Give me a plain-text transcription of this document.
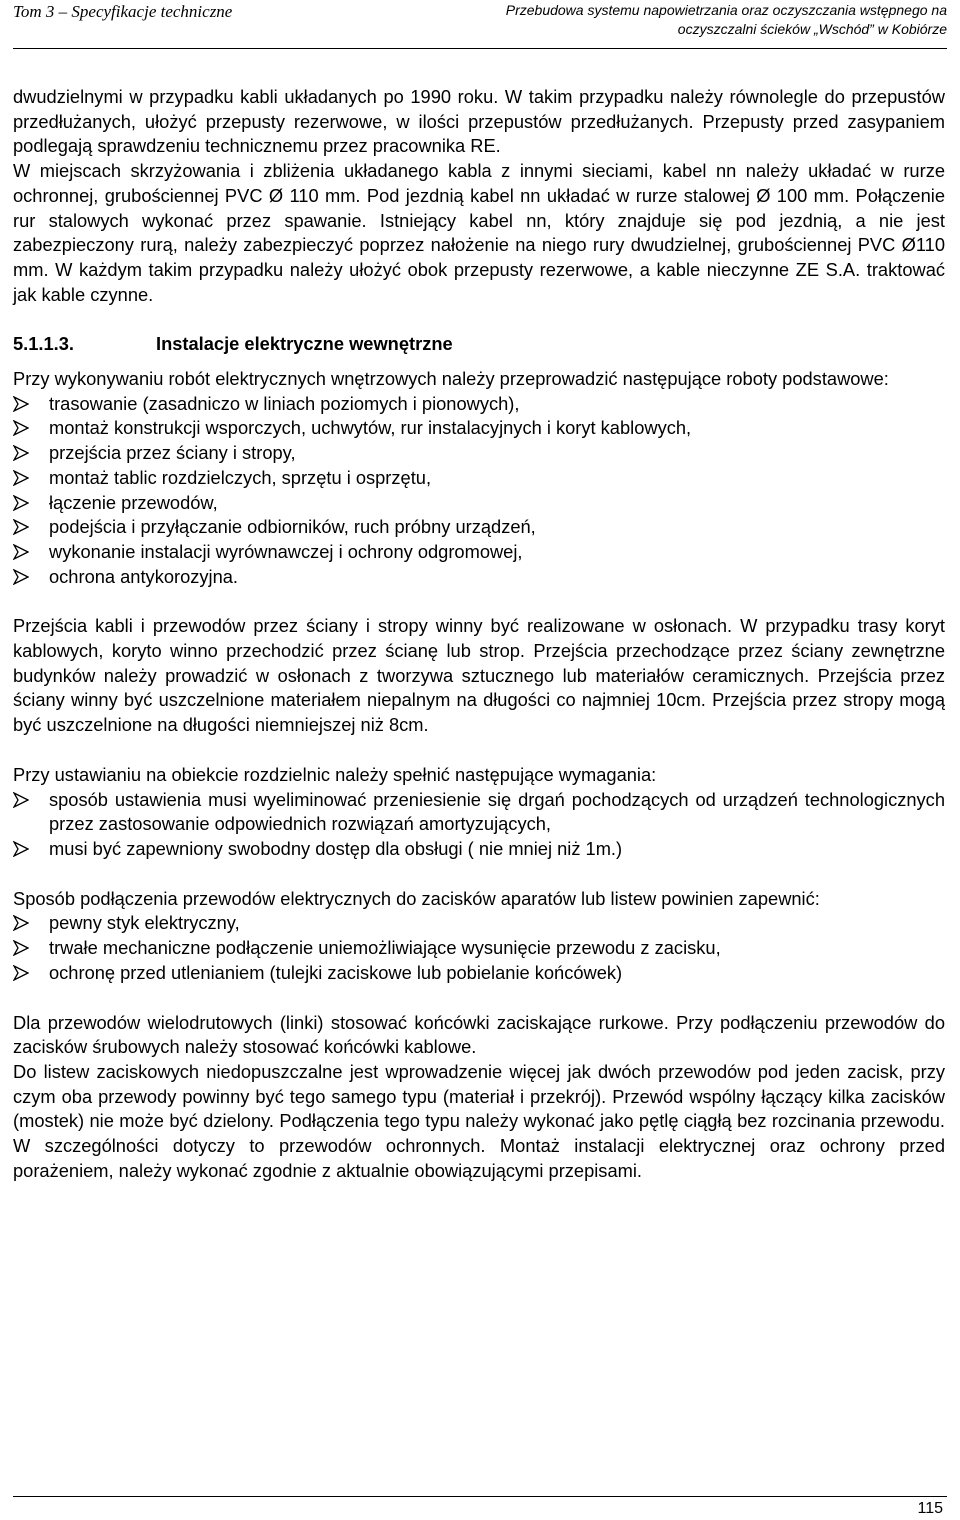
Tom 3 – Specyfikacje techniczne	Przebudowa systemu napowietrzania oraz oczyszczania wstępnego na
oczyszczalni ścieków „Wschód” w Kobiórze

dwudzielnymi w przypadku kabli układanych po 1990 roku. W takim przypadku należy równolegle do przepustów przedłużanych, ułożyć przepusty rezerwowe, w ilości przepustów przedłużanych. Przepusty przed zasypaniem podlegają sprawdzeniu technicznemu przez pracownika RE.

W miejscach skrzyżowania i zbliżenia układanego kabla z innymi sieciami, kabel nn należy układać w rurze ochronnej, grubościennej PVC Ø 110 mm. Pod jezdnią kabel nn układać w rurze stalowej Ø 100 mm. Połączenie rur stalowych wykonać przez spawanie. Istniejący kabel nn, który znajduje się pod jezdnią, a nie jest zabezpieczony rurą, należy zabezpieczyć poprzez nałożenie na niego rury dwudzielnej, grubościennej PVC Ø110 mm. W każdym takim przypadku należy ułożyć obok przepusty rezerwowe, a kable nieczynne ZE S.A. traktować jak kable czynne.

5.1.1.3.	Instalacje elektryczne wewnętrzne

Przy wykonywaniu robót elektrycznych wnętrzowych należy przeprowadzić następujące roboty podstawowe:

trasowanie (zasadniczo w liniach poziomych i pionowych),
montaż konstrukcji wsporczych, uchwytów, rur instalacyjnych i koryt kablowych,
przejścia przez ściany i stropy,
montaż tablic rozdzielczych, sprzętu i osprzętu,
łączenie przewodów,
podejścia i przyłączanie odbiorników, ruch próbny urządzeń,
wykonanie instalacji wyrównawczej i ochrony odgromowej,
ochrona antykorozyjna.

Przejścia kabli i przewodów przez ściany i stropy winny być realizowane w osłonach. W przypadku trasy koryt kablowych, koryto winno przechodzić przez ścianę lub strop. Przejścia przechodzące przez ściany zewnętrzne budynków należy prowadzić w osłonach z tworzywa sztucznego lub materiałów ceramicznych. Przejścia przez ściany winny być uszczelnione materiałem niepalnym na długości co najmniej 10cm. Przejścia przez stropy mogą być uszczelnione na długości niemniejszej niż 8cm.

Przy ustawianiu na obiekcie rozdzielnic należy spełnić następujące wymagania:

sposób ustawienia musi wyeliminować przeniesienie się drgań pochodzących od urządzeń technologicznych przez zastosowanie odpowiednich rozwiązań amortyzujących,
musi być zapewniony swobodny dostęp dla obsługi ( nie mniej niż 1m.)

Sposób podłączenia przewodów elektrycznych do zacisków aparatów lub listew powinien zapewnić:

pewny styk elektryczny,
trwałe mechaniczne podłączenie uniemożliwiające wysunięcie przewodu z zacisku,
ochronę przed utlenianiem (tulejki zaciskowe lub pobielanie końcówek)

Dla przewodów wielodrutowych (linki) stosować końcówki zaciskające rurkowe. Przy podłączeniu przewodów do zacisków śrubowych należy stosować końcówki kablowe.

Do listew zaciskowych niedopuszczalne jest wprowadzenie więcej jak dwóch przewodów pod jeden zacisk, przy czym oba przewody powinny być tego samego typu (materiał i przekrój). Przewód wspólny łączący kilka zacisków (mostek) nie może być dzielony. Podłączenia tego typu należy wykonać jako pętlę ciągłą bez rozcinania przewodu. W szczególności dotyczy to przewodów ochronnych. Montaż instalacji elektrycznej oraz ochrony przed porażeniem, należy wykonać zgodnie z aktualnie obowiązującymi przepisami.

115
